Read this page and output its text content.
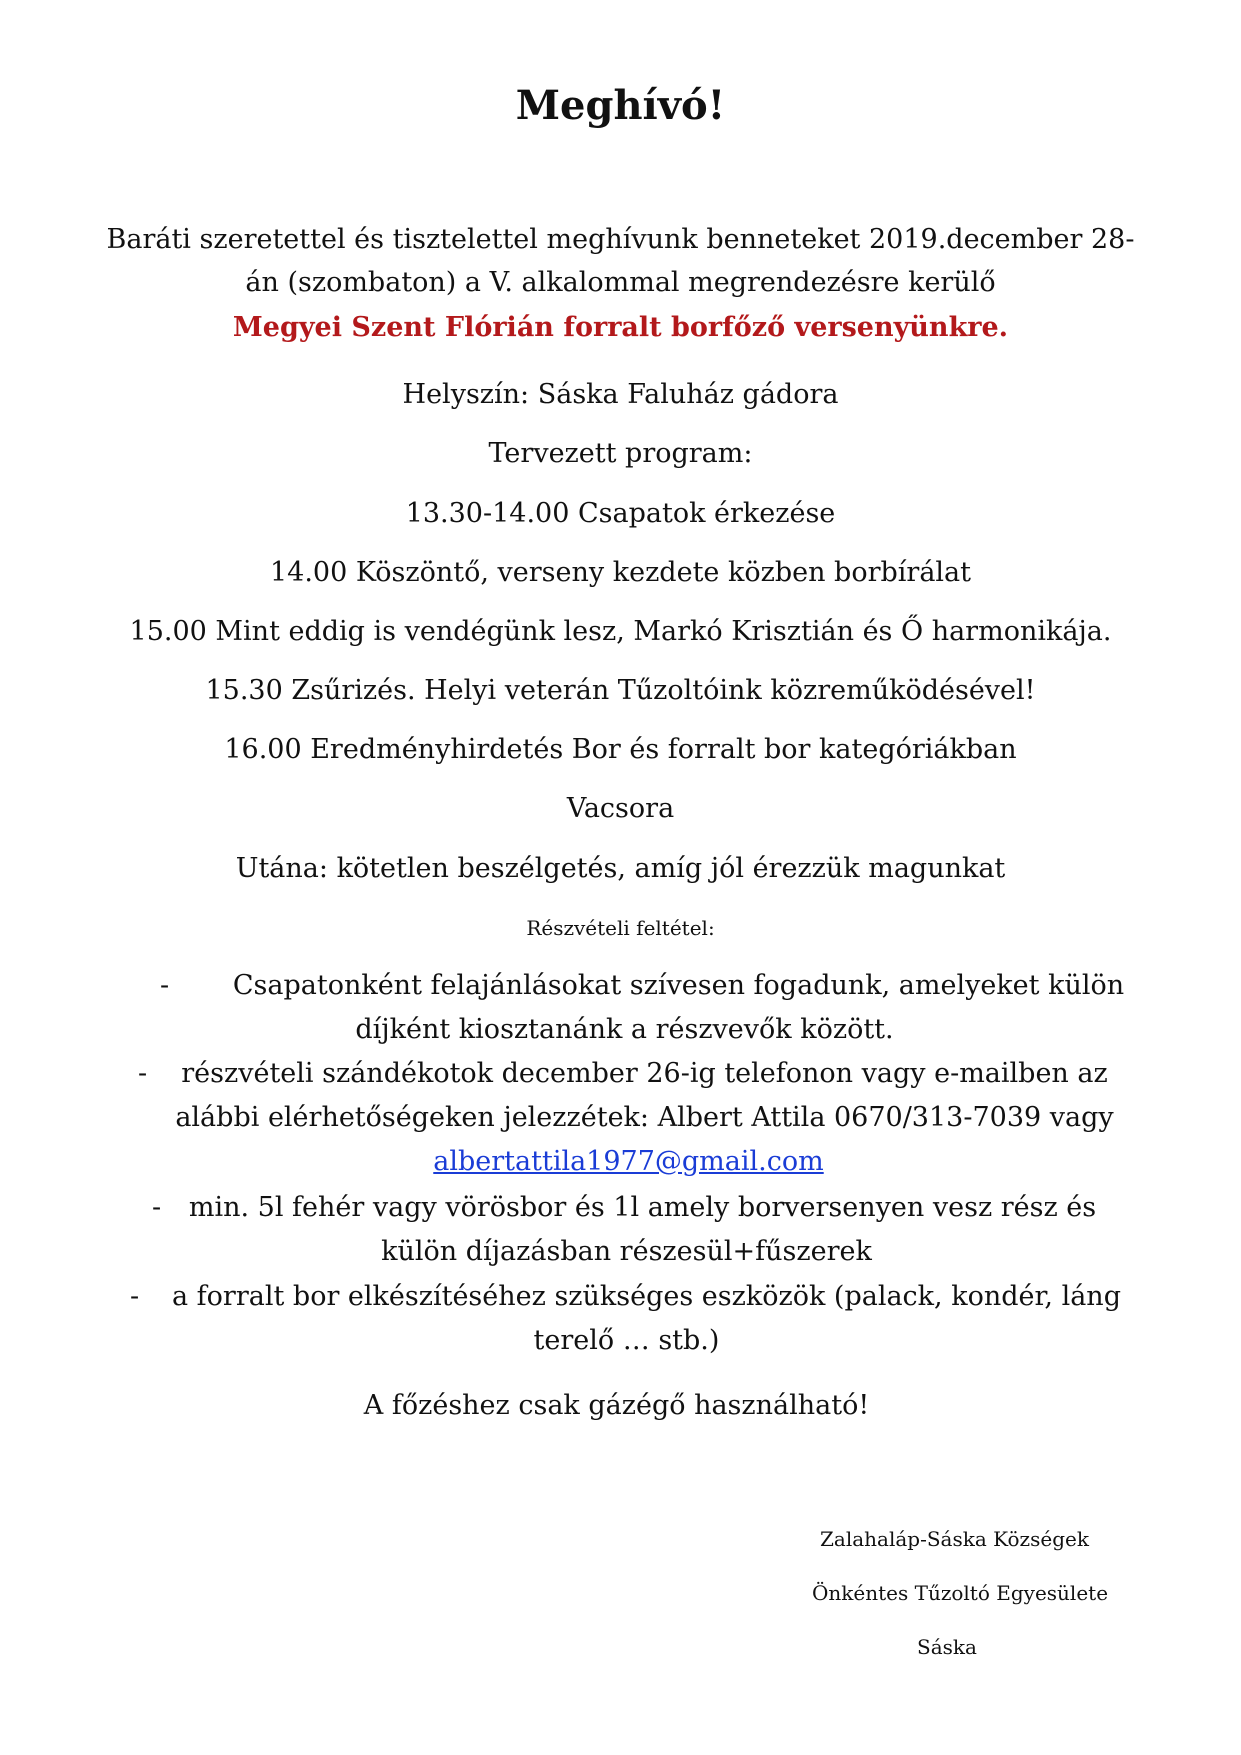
Meghívó!
Baráti szeretettel és tisztelettel meghívunk benneteket 2019.december 28-
án (szombaton) a V. alkalommal megrendezésre kerülő
Megyei Szent Flórián forralt borfőző versenyünkre.
Helyszín: Sáska Faluház gádora
Tervezett program:
13.30-14.00 Csapatok érkezése
14.00 Köszöntő, verseny kezdete közben borbírálat
15.00 Mint eddig is vendégünk lesz, Markó Krisztián és Ő harmonikája.
15.30 Zsűrizés. Helyi veterán Tűzoltóink közreműködésével!
16.00 Eredményhirdetés Bor és forralt bor kategóriákban
Vacsora
Utána: kötetlen beszélgetés, amíg jól érezzük magunkat
Részvételi feltétel:
-	Csapatonként felajánlásokat szívesen fogadunk, amelyeket külön
díjként kiosztanánk a részvevők között.
-	részvételi szándékotok december 26-ig telefonon vagy e-mailben az
alábbi elérhetőségeken jelezzétek: Albert Attila 0670/313-7039 vagy
albertattila1977@gmail.com
-	min. 5l fehér vagy vörösbor és 1l amely borversenyen vesz rész és
külön díjazásban részesül+fűszerek
-	a forralt bor elkészítéséhez szükséges eszközök (palack, kondér, láng
terelő … stb.)
A főzéshez csak gázégő használható!
Zalahaláp-Sáska Községek
Önkéntes Tűzoltó Egyesülete
Sáska
